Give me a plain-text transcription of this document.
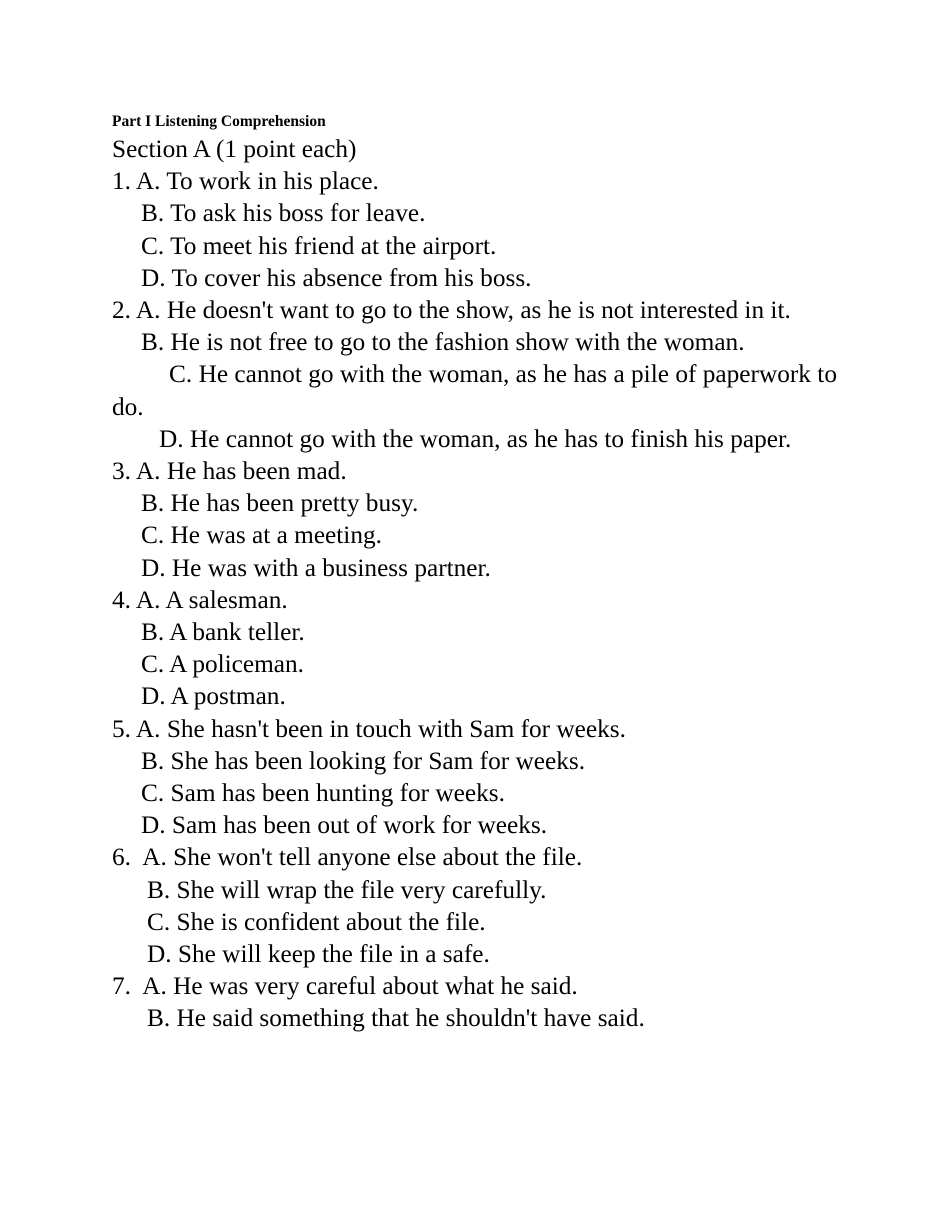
Part I Listening Comprehension
Section A (1 point each)
1. A. To work in his place.
B. To ask his boss for leave.
C. To meet his friend at the airport.
D. To cover his absence from his boss.
2. A. He doesn't want to go to the show, as he is not interested in it.
B. He is not free to go to the fashion show with the woman.
C. He cannot go with the woman, as he has a pile of paperwork to do.
D. He cannot go with the woman, as he has to finish his paper.
3. A. He has been mad.
B. He has been pretty busy.
C. He was at a meeting.
D. He was with a business partner.
4. A. A salesman.
B. A bank teller.
C. A policeman.
D. A postman.
5. A. She hasn't been in touch with Sam for weeks.
B. She has been looking for Sam for weeks.
C. Sam has been hunting for weeks.
D. Sam has been out of work for weeks.
6.  A. She won't tell anyone else about the file.
B. She will wrap the file very carefully.
C. She is confident about the file.
D. She will keep the file in a safe.
7.  A. He was very careful about what he said.
B. He said something that he shouldn't have said.
